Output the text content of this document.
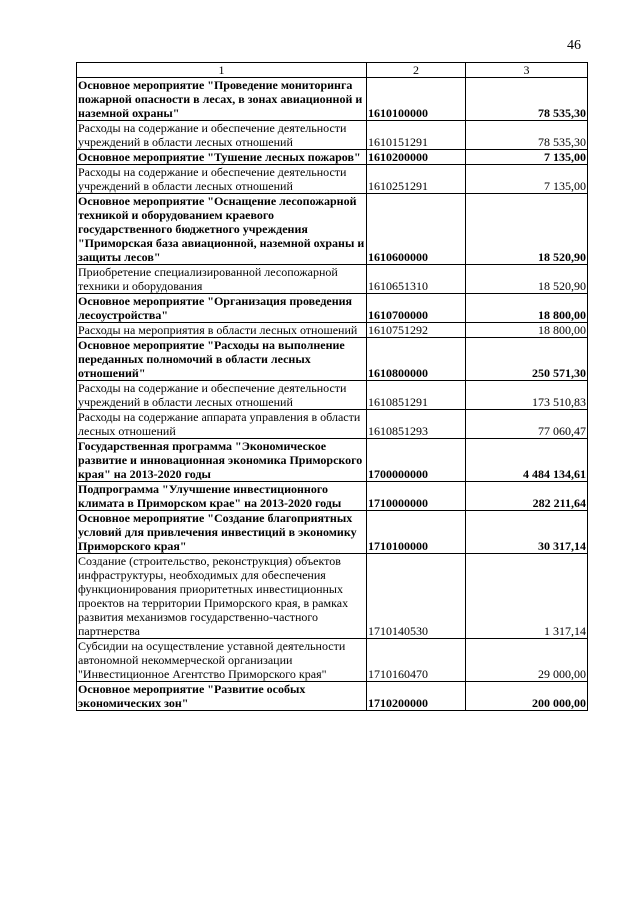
46
1	2	3
Основное мероприятие "Проведение мониторинга пожарной опасности в лесах, в зонах авиационной и наземной охраны"	1610100000	78 535,30
Расходы на содержание и обеспечение деятельности учреждений в области лесных отношений	1610151291	78 535,30
Основное мероприятие "Тушение лесных пожаров"	1610200000	7 135,00
Расходы на содержание и обеспечение деятельности учреждений в области лесных отношений	1610251291	7 135,00
Основное мероприятие "Оснащение лесопожарной техникой и оборудованием краевого государственного бюджетного учреждения "Приморская база авиационной, наземной охраны и защиты лесов"	1610600000	18 520,90
Приобретение специализированной лесопожарной техники и оборудования	1610651310	18 520,90
Основное мероприятие "Организация проведения лесоустройства"	1610700000	18 800,00
Расходы на мероприятия в области лесных отношений	1610751292	18 800,00
Основное мероприятие "Расходы на выполнение переданных полномочий в области лесных отношений"	1610800000	250 571,30
Расходы на содержание и обеспечение деятельности учреждений в области лесных отношений	1610851291	173 510,83
Расходы на содержание аппарата управления в области лесных отношений	1610851293	77 060,47
Государственная программа "Экономическое развитие и инновационная экономика Приморского края" на 2013-2020 годы	1700000000	4 484 134,61
Подпрограмма "Улучшение инвестиционного климата в Приморском крае" на 2013-2020 годы	1710000000	282 211,64
Основное мероприятие "Создание благоприятных условий для привлечения инвестиций в экономику Приморского края"	1710100000	30 317,14
Создание (строительство, реконструкция) объектов инфраструктуры, необходимых для обеспечения функционирования приоритетных инвестиционных проектов на территории Приморского края, в рамках развития механизмов государственно-частного партнерства	1710140530	1 317,14
Субсидии на осуществление уставной деятельности автономной некоммерческой организации "Инвестиционное Агентство Приморского края"	1710160470	29 000,00
Основное мероприятие "Развитие особых экономических зон"	1710200000	200 000,00
